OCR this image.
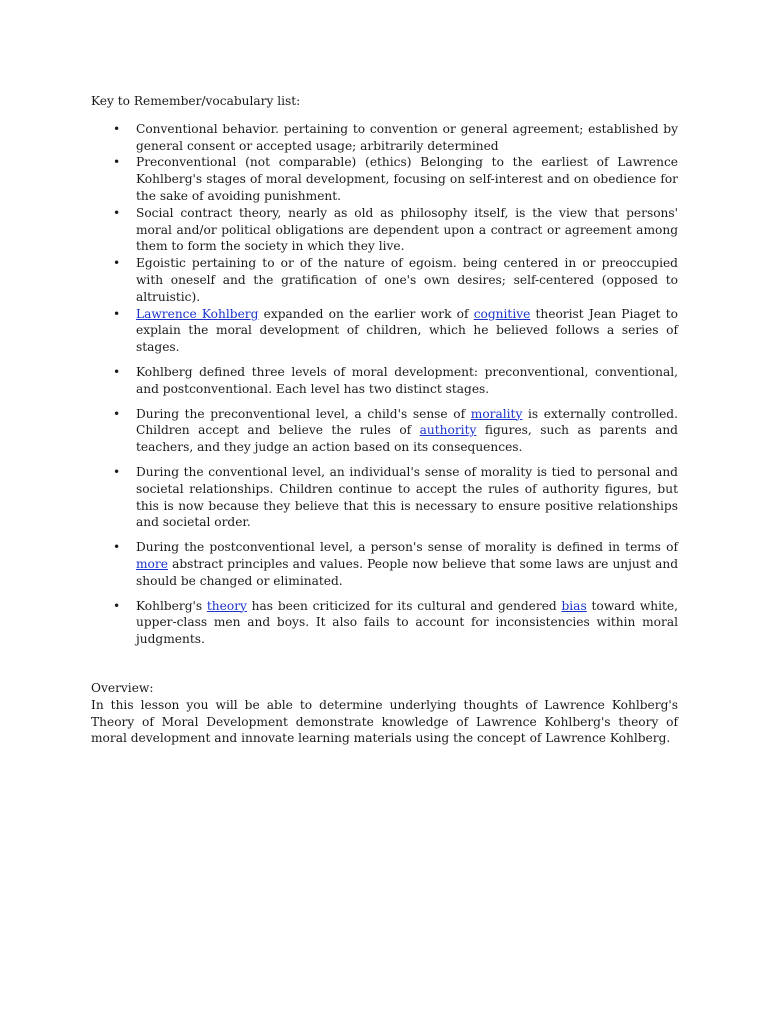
Key to Remember/vocabulary list:
• Conventional behavior. pertaining to convention or general agreement; established by general consent or accepted usage; arbitrarily determined
• Preconventional (not comparable) (ethics) Belonging to the earliest of Lawrence Kohlberg's stages of moral development, focusing on self-interest and on obedience for the sake of avoiding punishment.
• Social contract theory, nearly as old as philosophy itself, is the view that persons' moral and/or political obligations are dependent upon a contract or agreement among them to form the society in which they live.
• Egoistic pertaining to or of the nature of egoism. being centered in or preoccupied with oneself and the gratification of one's own desires; self-centered (opposed to altruistic).
• Lawrence Kohlberg expanded on the earlier work of cognitive theorist Jean Piaget to explain the moral development of children, which he believed follows a series of stages.
• Kohlberg defined three levels of moral development: preconventional, conventional, and postconventional. Each level has two distinct stages.
• During the preconventional level, a child's sense of morality is externally controlled. Children accept and believe the rules of authority figures, such as parents and teachers, and they judge an action based on its consequences.
• During the conventional level, an individual's sense of morality is tied to personal and societal relationships. Children continue to accept the rules of authority figures, but this is now because they believe that this is necessary to ensure positive relationships and societal order.
• During the postconventional level, a person's sense of morality is defined in terms of more abstract principles and values. People now believe that some laws are unjust and should be changed or eliminated.
• Kohlberg's theory has been criticized for its cultural and gendered bias toward white, upper-class men and boys. It also fails to account for inconsistencies within moral judgments.
Overview:
In this lesson you will be able to determine underlying thoughts of Lawrence Kohlberg's Theory of Moral Development demonstrate knowledge of Lawrence Kohlberg's theory of moral development and innovate learning materials using the concept of Lawrence Kohlberg.
